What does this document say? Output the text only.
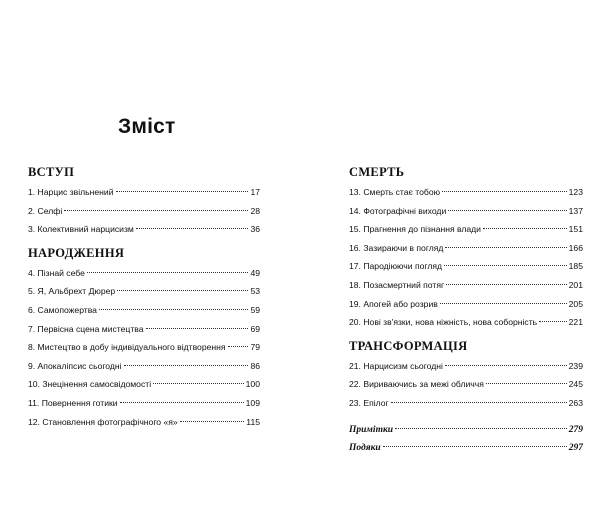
Зміст
ВСТУП
1. Нарцис звільнений	17
2. Селфі	28
3. Колективний нарцисизм	36
НАРОДЖЕННЯ
4. Пізнай себе	49
5. Я, Альбрехт Дюрер	53
6. Самопожертва	59
7. Первісна сцена мистецтва	69
8. Мистецтво в добу індивідуального відтворення	79
9. Апокаліпсис сьогодні	86
10. Знецінення самосвідомості	100
11. Повернення готики	109
12. Становлення фотографічного «я»	115
СМЕРТЬ
13. Смерть стає тобою	123
14. Фотографічні виходи	137
15. Прагнення до пізнання влади	151
16. Зазираючи в погляд	166
17. Пародіюючи погляд	185
18. Позасмертний потяг	201
19. Апогей або розрив	205
20. Нові зв'язки, нова ніжність, нова соборність	221
ТРАНСФОРМАЦІЯ
21. Нарцисизм сьогодні	239
22. Вириваючись за межі обличчя	245
23. Епілог	263
Примітки	279
Подяки	297
